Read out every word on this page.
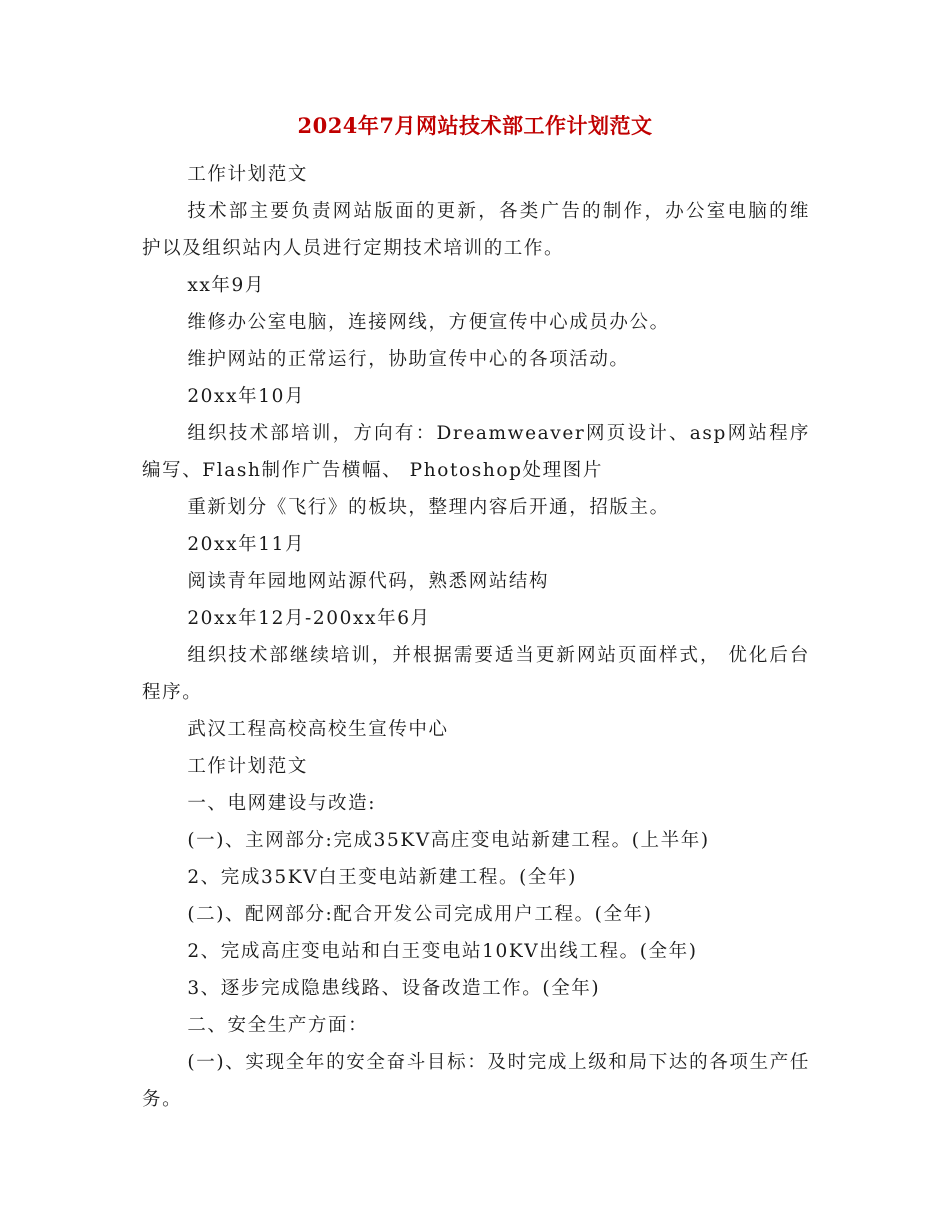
2024年7月网站技术部工作计划范文

工作计划范文

技术部主要负责网站版面的更新，各类广告的制作，办公室电脑的维护以及组织站内人员进行定期技术培训的工作。

xx年9月

维修办公室电脑，连接网线，方便宣传中心成员办公。

维护网站的正常运行，协助宣传中心的各项活动。

20xx年10月

组织技术部培训，方向有：Dreamweaver网页设计、asp网站程序编写、Flash制作广告横幅、 Photoshop处理图片

重新划分《飞行》的板块，整理内容后开通，招版主。

20xx年11月

阅读青年园地网站源代码，熟悉网站结构

20xx年12月-200xx年6月

组织技术部继续培训，并根据需要适当更新网站页面样式， 优化后台程序。

武汉工程高校高校生宣传中心

工作计划范文

一、电网建设与改造:

(一)、主网部分:完成35KV高庄变电站新建工程。(上半年)

2、完成35KV白王变电站新建工程。(全年)

(二)、配网部分:配合开发公司完成用户工程。(全年)

2、完成高庄变电站和白王变电站10KV出线工程。(全年)

3、逐步完成隐患线路、设备改造工作。(全年)

二、安全生产方面：

(一)、实现全年的安全奋斗目标：及时完成上级和局下达的各项生产任务。
